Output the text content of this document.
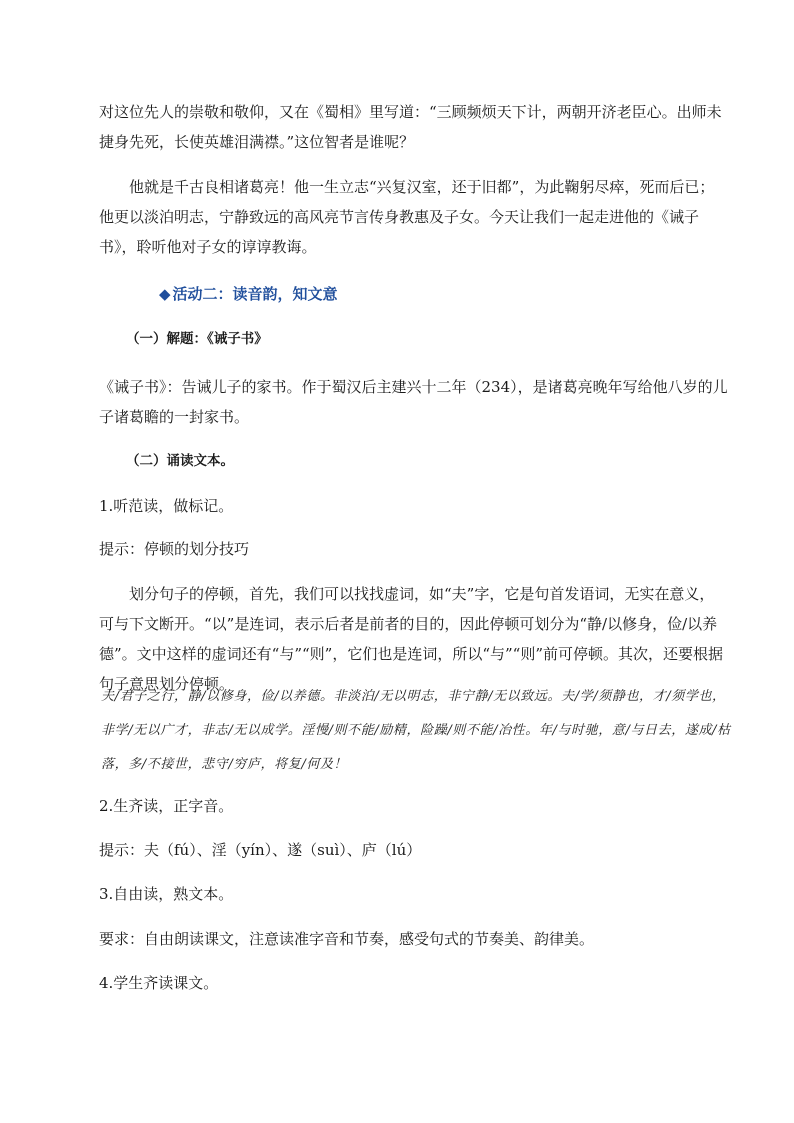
对这位先人的崇敬和敬仰，又在《蜀相》里写道：“三顾频烦天下计，两朝开济老臣心。出师未捷身先死，长使英雄泪满襟。”这位智者是谁呢？

他就是千古良相诸葛亮！他一生立志“兴复汉室，还于旧都”，为此鞠躬尽瘁，死而后已；他更以淡泊明志，宁静致远的高风亮节言传身教惠及子女。今天让我们一起走进他的《诫子书》，聆听他对子女的谆谆教诲。

◆ 活动二：读音韵，知文意

（一）解题：《诫子书》

《诫子书》：告诫儿子的家书。作于蜀汉后主建兴十二年（234），是诸葛亮晚年写给他八岁的儿子诸葛瞻的一封家书。

（二）诵读文本。

1.听范读，做标记。

提示：停顿的划分技巧

划分句子的停顿，首先，我们可以找找虚词，如“夫”字，它是句首发语词，无实在意义，可与下文断开。“以”是连词，表示后者是前者的目的，因此停顿可划分为“静/以修身，俭/以养德”。文中这样的虚词还有“与”“则”，它们也是连词，所以“与”“则”前可停顿。其次，还要根据句子意思划分停顿。

夫/君子之行，静/以修身，俭/以养德。非淡泊/无以明志，非宁静/无以致远。夫/学/须静也，才/须学也，非学/无以广才，非志/无以成学。淫慢/则不能/励精，险躁/则不能/冶性。年/与时驰，意/与日去，遂成/枯落，多/不接世，悲守/穷庐，将复/何及！

2.生齐读，正字音。

提示：夫（fú）、淫（yín）、遂（suì）、庐（lú）

3.自由读，熟文本。

要求：自由朗读课文，注意读准字音和节奏，感受句式的节奏美、韵律美。

4.学生齐读课文。
